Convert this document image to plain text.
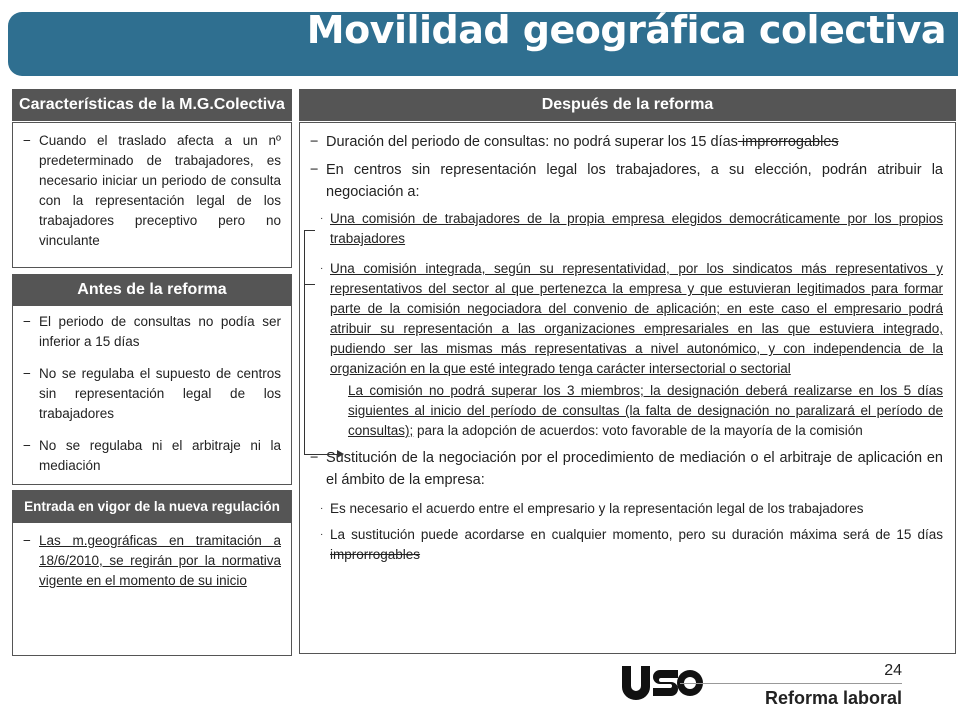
Movilidad geográfica colectiva
Características de la M.G.Colectiva
− Cuando el traslado afecta a un nº predeterminado de trabajadores, es necesario iniciar un periodo de consulta con la representación legal de los trabajadores preceptivo pero no vinculante
Antes de la reforma
− El periodo de consultas no podía ser inferior a 15 días
− No se regulaba el supuesto de centros sin representación legal de los trabajadores
− No se regulaba ni el arbitraje ni la mediación
Entrada en vigor de la nueva regulación
− Las m.geográficas en tramitación a 18/6/2010, se regirán por la normativa vigente en el momento de su inicio
Después de la reforma
− Duración del periodo de consultas: no podrá superar los 15 días improrrogables
− En centros sin representación legal los trabajadores, a su elección, podrán atribuir la negociación a:
· Una comisión de trabajadores de la propia empresa elegidos democráticamente por los propios trabajadores
· Una comisión integrada, según su representatividad, por los sindicatos más representativos y representativos del sector al que pertenezca la empresa y que estuvieran legitimados para formar parte de la comisión negociadora del convenio de aplicación; en este caso el empresario podrá atribuir su representación a las organizaciones empresariales en las que estuviera integrado, pudiendo ser las mismas más representativas a nivel autonómico, y con independencia de la organización en la que esté integrado tenga carácter intersectorial o sectorial
La comisión no podrá superar los 3 miembros; la designación deberá realizarse en los 5 días siguientes al inicio del período de consultas (la falta de designación no paralizará el período de consultas); para la adopción de acuerdos: voto favorable de la mayoría de la comisión
− Sustitución de la negociación por el procedimiento de mediación o el arbitraje de aplicación en el ámbito de la empresa:
· Es necesario el acuerdo entre el empresario y la representación legal de los trabajadores
· La sustitución puede acordarse en cualquier momento, pero su duración máxima será de 15 días improrrogables
24
Reforma laboral
